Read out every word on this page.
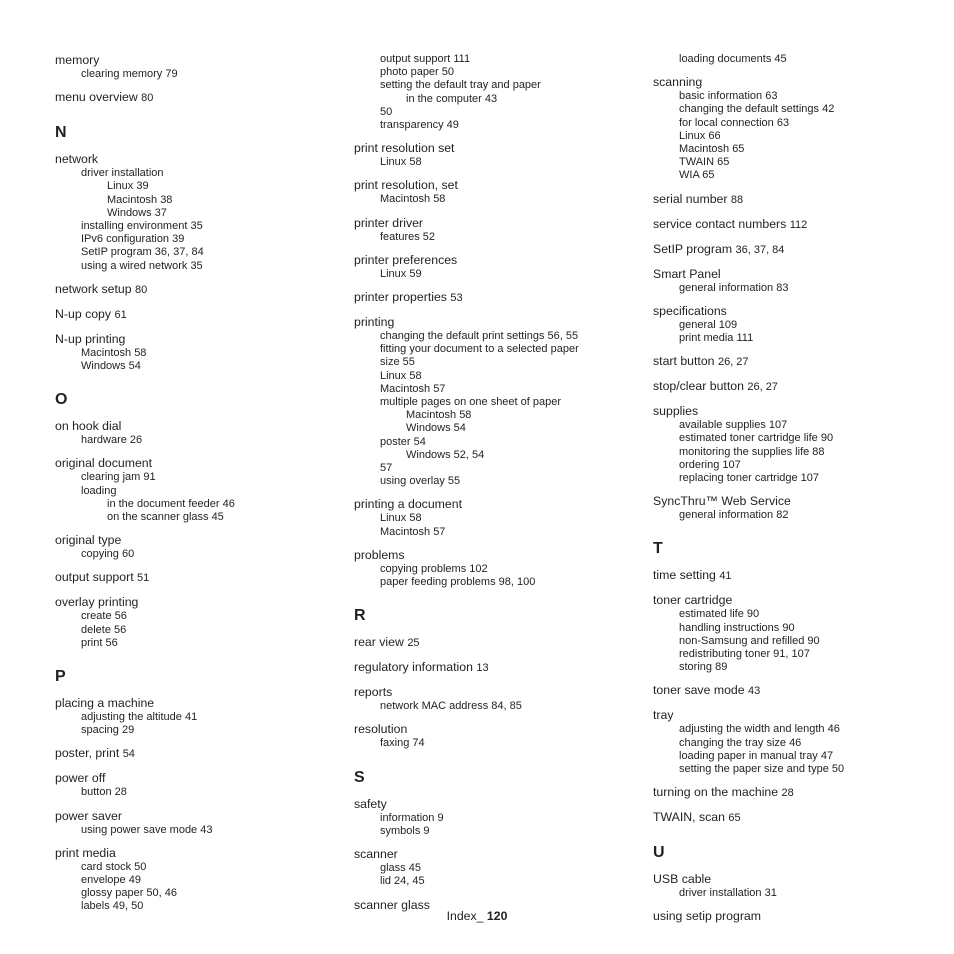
memory
clearing memory 79
menu overview 80
N
network
driver installation
Linux 39
Macintosh 38
Windows 37
installing environment 35
IPv6 configuration 39
SetIP program 36, 37, 84
using a wired network 35
network setup 80
N-up copy 61
N-up printing
Macintosh 58
Windows 54
O
on hook dial
hardware 26
original document
clearing jam 91
loading
in the document feeder 46
on the scanner glass 45
original type
copying 60
output support 51
overlay printing
create 56
delete 56
print 56
P
placing a machine
adjusting the altitude 41
spacing 29
poster, print 54
power off
button 28
power saver
using power save mode 43
print media
card stock 50
envelope 49
glossy paper 50, 46
labels 49, 50
output support 111
photo paper 50
setting the default tray and paper
in the computer 43
50
transparency 49
print resolution set
Linux 58
print resolution, set
Macintosh 58
printer driver
features 52
printer preferences
Linux 59
printer properties 53
printing
changing the default print settings 56, 55
fitting your document to a selected paper
size 55
Linux 58
Macintosh 57
multiple pages on one sheet of paper
Macintosh 58
Windows 54
poster 54
Windows 52, 54
57
using overlay 55
printing a document
Linux 58
Macintosh 57
problems
copying problems 102
paper feeding problems 98, 100
R
rear view 25
regulatory information 13
reports
network MAC address 84, 85
resolution
faxing 74
S
safety
information 9
symbols 9
scanner
glass 45
lid 24, 45
scanner glass
loading documents 45
scanning
basic information 63
changing the default settings 42
for local connection 63
Linux 66
Macintosh 65
TWAIN 65
WIA 65
serial number 88
service contact numbers 112
SetIP program 36, 37, 84
Smart Panel
general information 83
specifications
general 109
print media 111
start button 26, 27
stop/clear button 26, 27
supplies
available supplies 107
estimated toner cartridge life 90
monitoring the supplies life 88
ordering 107
replacing toner cartridge 107
SyncThru™ Web Service
general information 82
T
time setting 41
toner cartridge
estimated life 90
handling instructions 90
non-Samsung and refilled 90
redistributing toner 91, 107
storing 89
toner save mode 43
tray
adjusting the width and length 46
changing the tray size 46
loading paper in manual tray 47
setting the paper size and type 50
turning on the machine 28
TWAIN, scan 65
U
USB cable
driver installation 31
using setip program
Index_ 120
